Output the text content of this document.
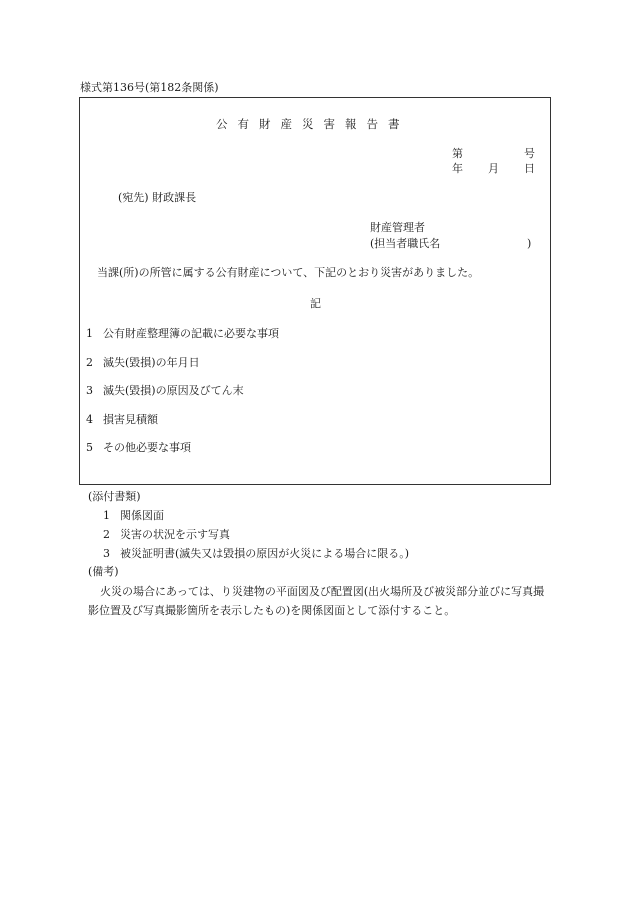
様式第136号(第182条関係)
公有財産災害報告書
第	号
年 月 日
(宛先) 財政課長
財産管理者
(担当者職氏名	)
当課(所)の所管に属する公有財産について、下記のとおり災害がありました。
記
1 公有財産整理簿の記載に必要な事項
2 滅失(毀損)の年月日
3 滅失(毀損)の原因及びてん末
4 損害見積額
5 その他必要な事項
(添付書類)
1 関係図面
2 災害の状況を示す写真
3 被災証明書(滅失又は毀損の原因が火災による場合に限る。)
(備考)
火災の場合にあっては、り災建物の平面図及び配置図(出火場所及び被災部分並びに写真撮影位置及び写真撮影箇所を表示したもの)を関係図面として添付すること。
